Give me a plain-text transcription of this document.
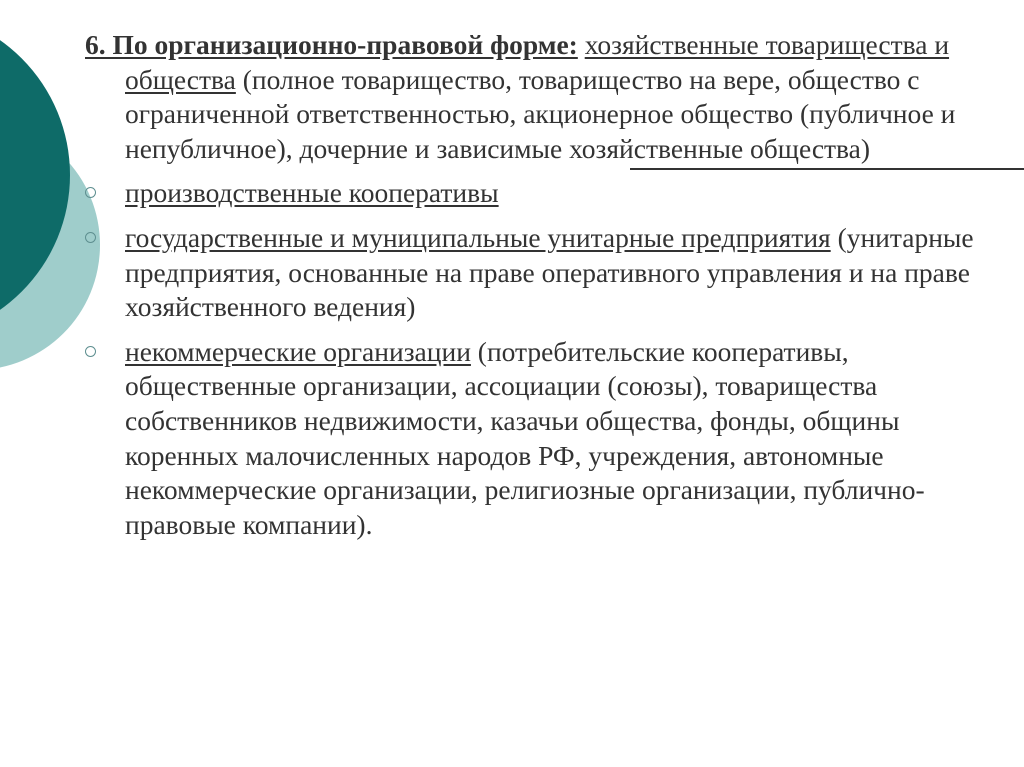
6. По организационно-правовой форме: хозяйственные товарищества и общества (полное товарищество, товарищество на вере, общество с ограниченной ответственностью, акционерное общество (публичное и непубличное), дочерние и зависимые хозяйственные общества)
производственные кооперативы
государственные и муниципальные унитарные предприятия (унитарные предприятия, основанные на праве оперативного управления и на праве хозяйственного ведения)
некоммерческие организации (потребительские кооперативы, общественные организации, ассоциации (союзы), товарищества собственников недвижимости, казачьи общества, фонды, общины коренных малочисленных народов РФ, учреждения, автономные некоммерческие организации, религиозные организации, публично-правовые компании).
